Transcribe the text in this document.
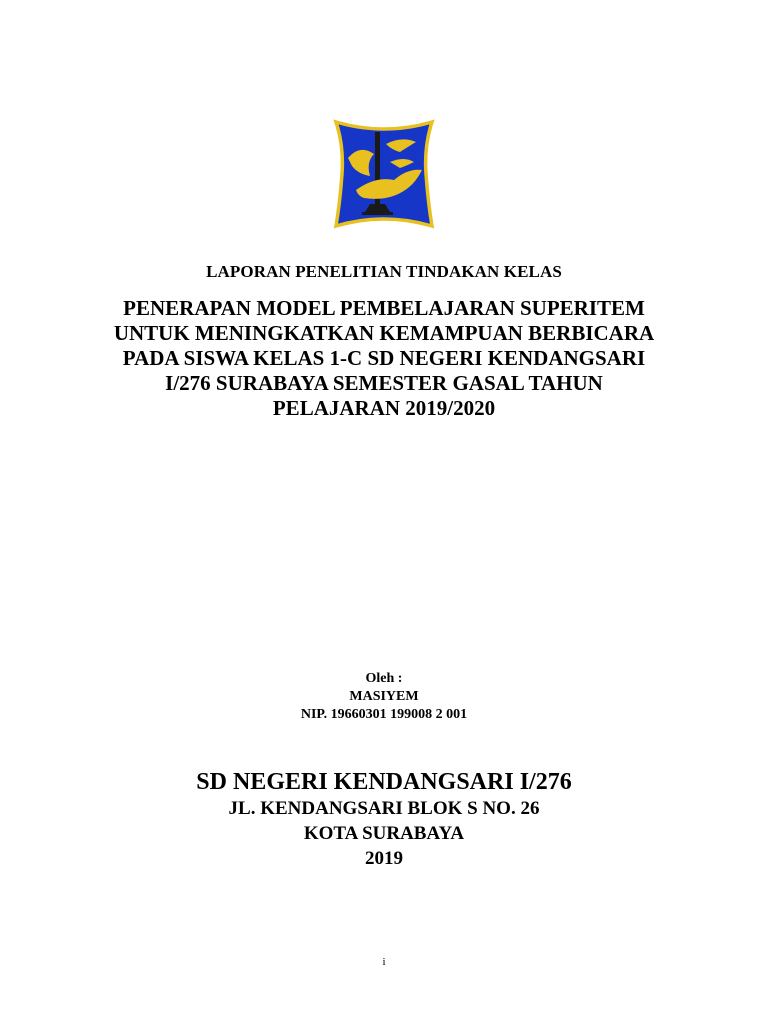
LAPORAN PENELITIAN TINDAKAN KELAS
PENERAPAN MODEL PEMBELAJARAN SUPERITEM
UNTUK MENINGKATKAN KEMAMPUAN BERBICARA
PADA SISWA KELAS 1-C SD NEGERI KENDANGSARI
I/276 SURABAYA SEMESTER GASAL TAHUN
PELAJARAN 2019/2020
Oleh :
MASIYEM
NIP. 19660301 199008 2 001
SD NEGERI KENDANGSARI I/276
JL. KENDANGSARI BLOK S NO. 26
KOTA SURABAYA
2019
i
